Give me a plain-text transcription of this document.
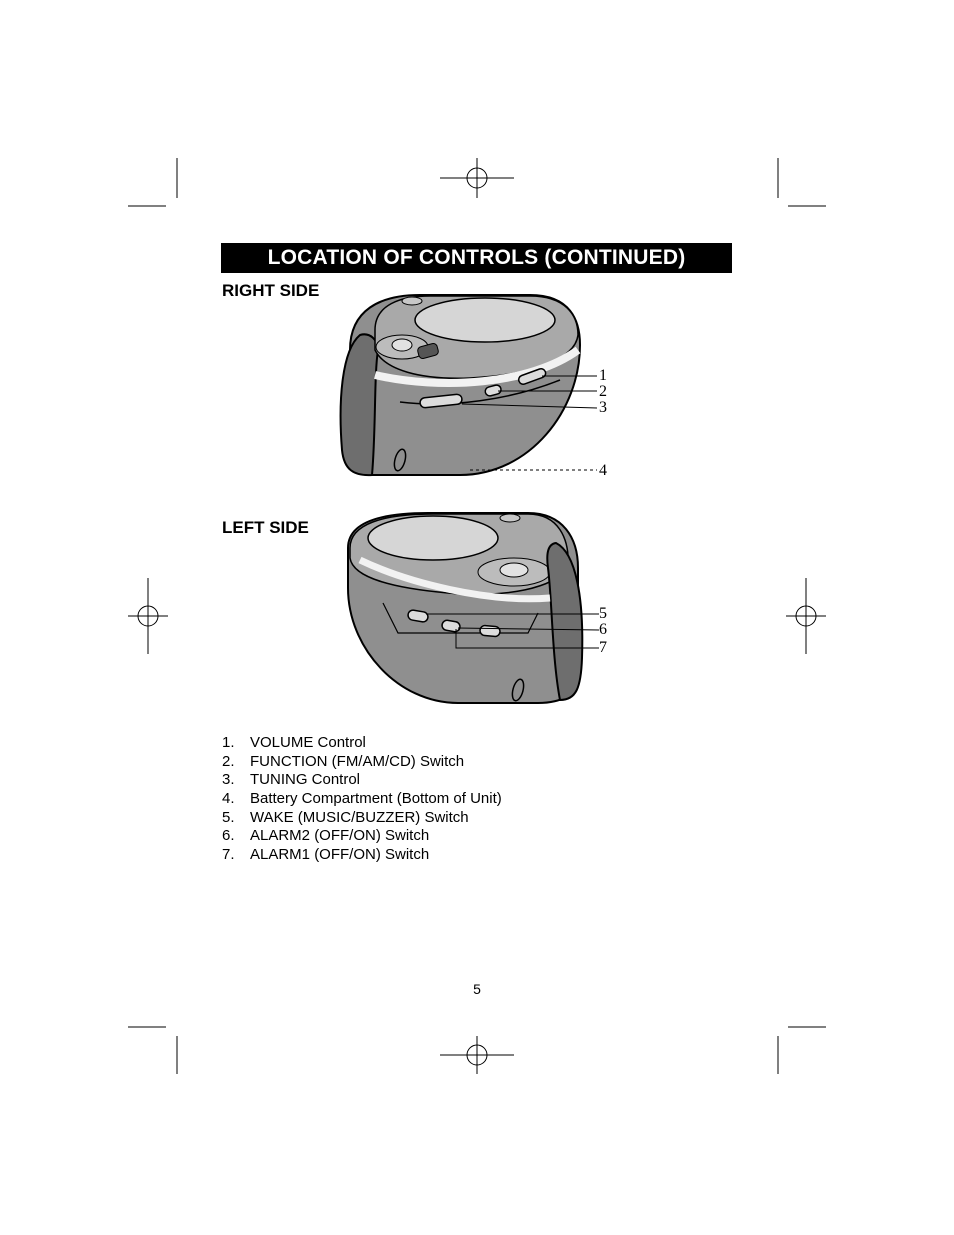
LOCATION OF CONTROLS (CONTINUED)
RIGHT SIDE
LEFT SIDE
1
2
3
4
5
6
7
1. VOLUME Control
2. FUNCTION (FM/AM/CD) Switch
3. TUNING Control
4. Battery Compartment (Bottom of Unit)
5. WAKE (MUSIC/BUZZER) Switch
6. ALARM2 (OFF/ON) Switch
7. ALARM1 (OFF/ON) Switch
5
